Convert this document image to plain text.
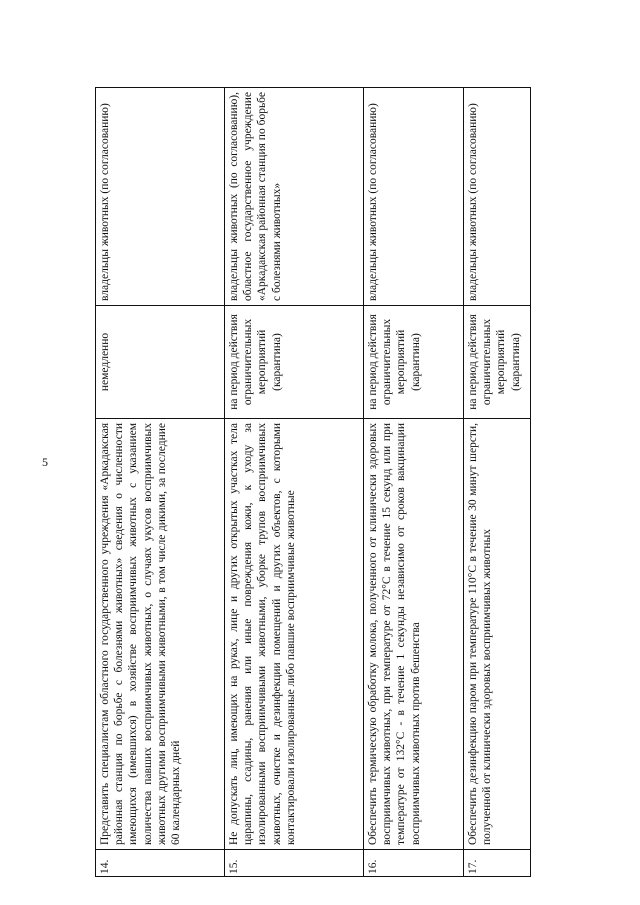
5
14.	Представить специалистам областного государственного учреждения «Аркадакская районная станция по борьбе с болезнями животных» сведения о численности имеющихся (имевшихся) в хозяйстве восприимчивых животных с указанием количества павших восприимчивых животных, о случаях укусов восприимчивых животных другими восприимчивыми животными, в том числе дикими, за последние 60 календарных дней	немедленно	владельцы животных (по согласованию)
15.	Не допускать лиц, имеющих на руках, лице и других открытых участках тела царапины, ссадины, ранения или иные повреждения кожи, к уходу за изолированными восприимчивыми животными, уборке трупов восприимчивых животных, очистке и дезинфекции помещений и других объектов, с которыми контактировали изолированные либо павшие восприимчивые животные	на период действия ограничительных мероприятий (карантина)	владельцы животных (по согласованию), областное государственное учреждение «Аркадакская районная станция по борьбе с болезнями животных»
16.	Обеспечить термическую обработку молока, полученного от клинически здоровых восприимчивых животных, при температуре от 72°С в течение 15 секунд или при температуре от 132°С - в течение 1 секунды независимо от сроков вакцинации восприимчивых животных против бешенства	на период действия ограничительных мероприятий (карантина)	владельцы животных (по согласованию)
17.	Обеспечить дезинфекцию паром при температуре 110°С в течение 30 минут шерсти, полученной от клинически здоровых восприимчивых животных	на период действия ограничительных мероприятий (карантина)	владельцы животных (по согласованию)
